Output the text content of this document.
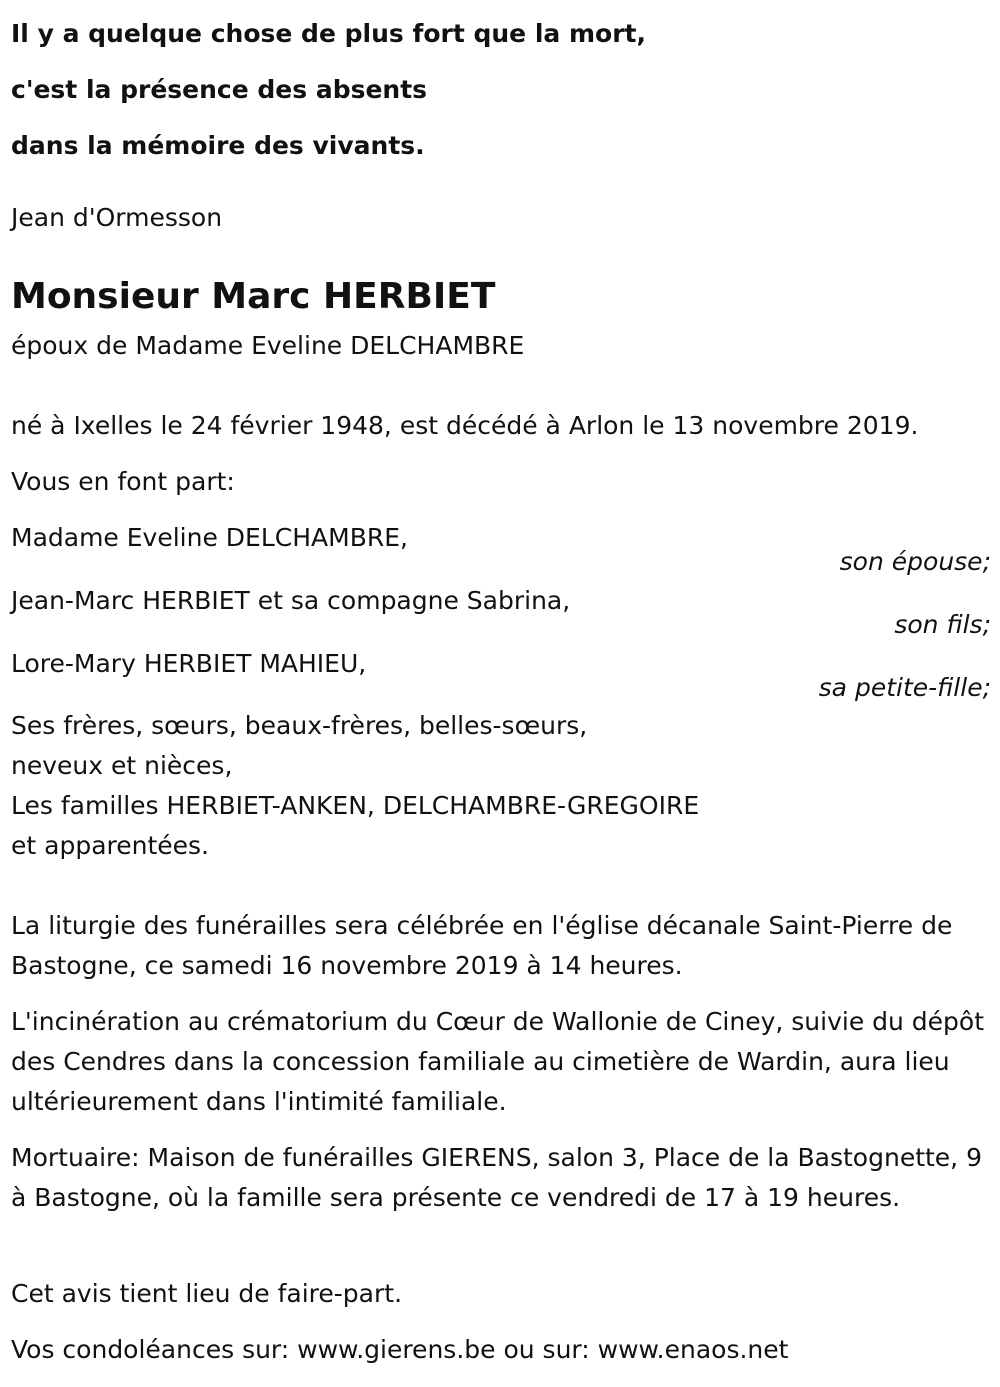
Il y a quelque chose de plus fort que la mort,
c'est la présence des absents
dans la mémoire des vivants.
Jean d'Ormesson
Monsieur Marc HERBIET
époux de Madame Eveline DELCHAMBRE
né à Ixelles le 24 février 1948, est décédé à Arlon le 13 novembre 2019.
Vous en font part:
Madame Eveline DELCHAMBRE,
son épouse;
Jean-Marc HERBIET et sa compagne Sabrina,
son fils;
Lore-Mary HERBIET MAHIEU,
sa petite-fille;
Ses frères, sœurs, beaux-frères, belles-sœurs,
neveux et nièces,
Les familles HERBIET-ANKEN, DELCHAMBRE-GREGOIRE
et apparentées.
La liturgie des funérailles sera célébrée en l'église décanale Saint-Pierre de Bastogne, ce samedi 16 novembre 2019 à 14 heures.
L'incinération au crématorium du Cœur de Wallonie de Ciney, suivie du dépôt des Cendres dans la concession familiale au cimetière de Wardin, aura lieu ultérieurement dans l'intimité familiale.
Mortuaire: Maison de funérailles GIERENS, salon 3, Place de la Bastognette, 9 à Bastogne, où la famille sera présente ce vendredi de 17 à 19 heures.
Cet avis tient lieu de faire-part.
Vos condoléances sur: www.gierens.be ou sur: www.enaos.net
